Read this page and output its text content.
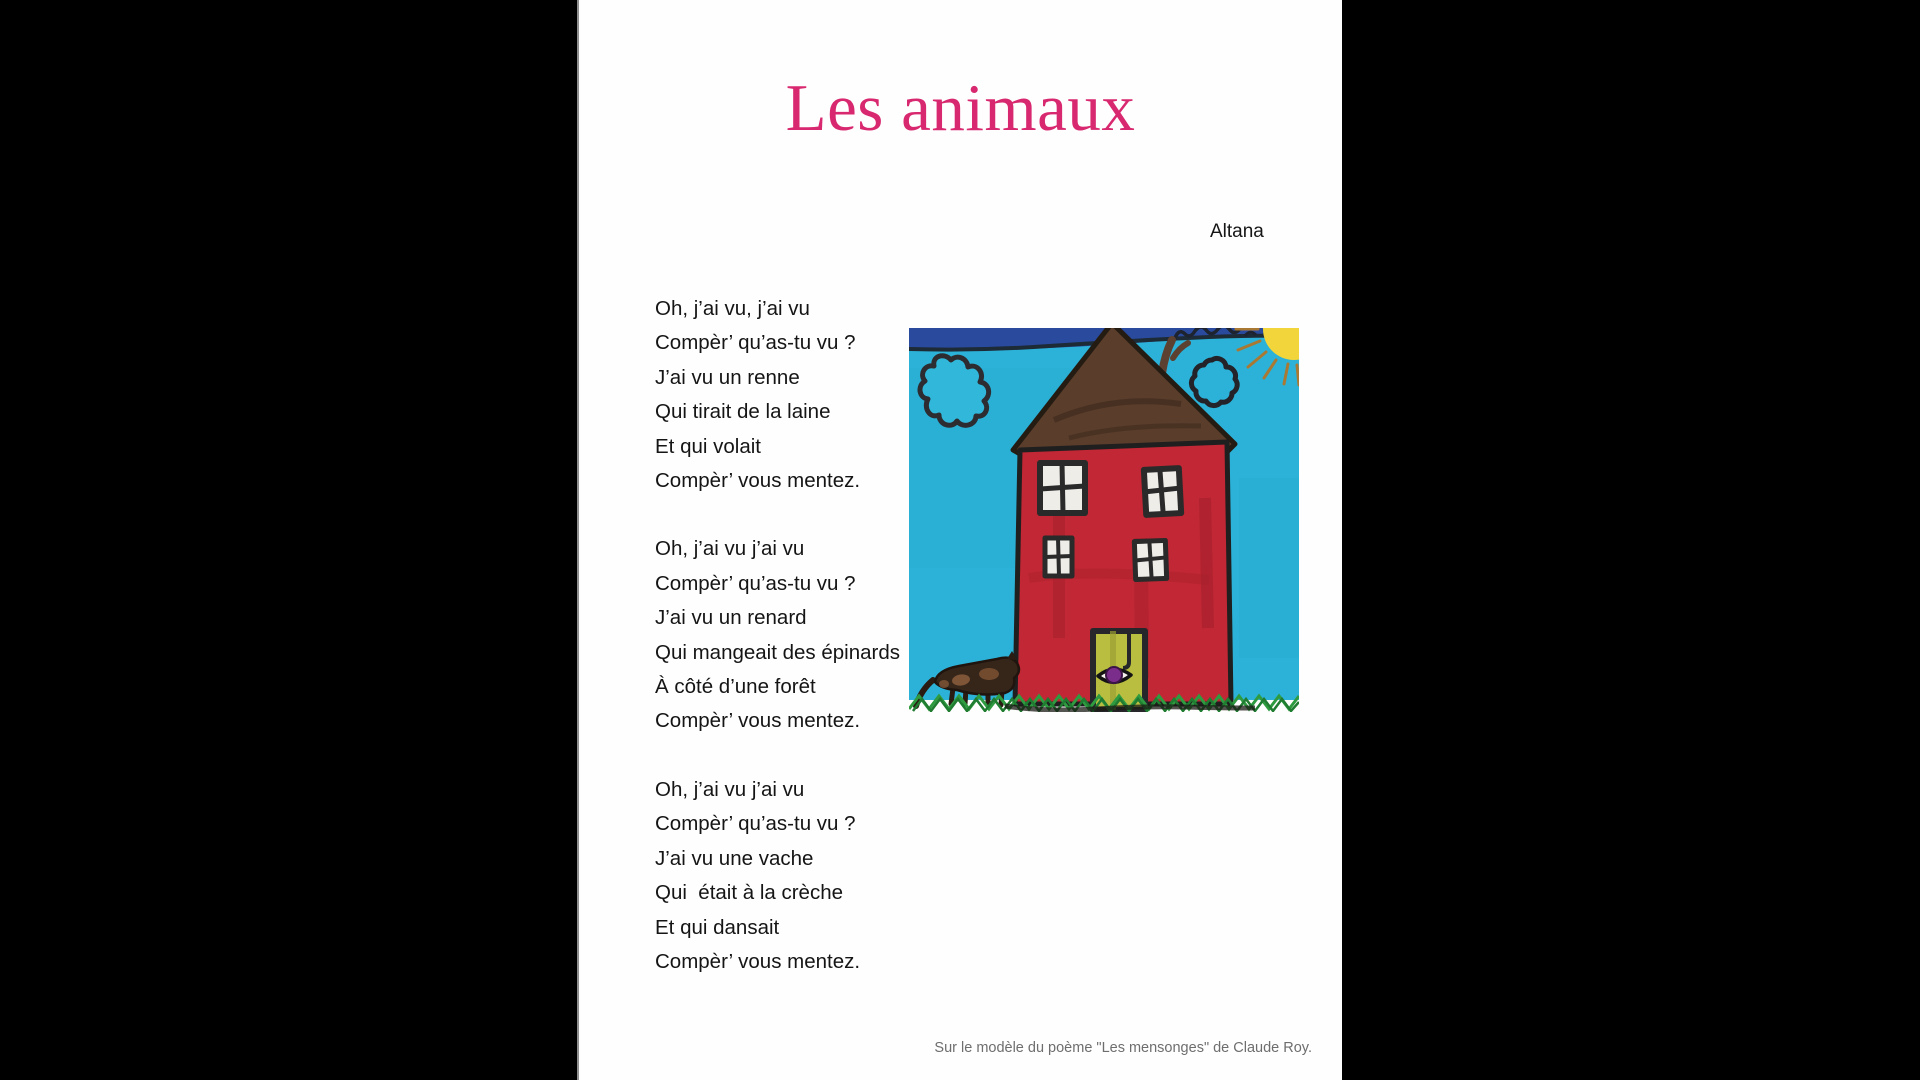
Les animaux
Altana
Oh, j’ai vu, j’ai vu
Compèr’ qu’as-tu vu ?
J’ai vu un renne
Qui tirait de la laine
Et qui volait
Compèr’ vous mentez.
Oh, j’ai vu j’ai vu
Compèr’ qu’as-tu vu ?
J’ai vu un renard
Qui mangeait des épinards
À côté d’une forêt
Compèr’ vous mentez.
Oh, j’ai vu j’ai vu
Compèr’ qu’as-tu vu ?
J’ai vu une vache
Qui  était à la crèche
Et qui dansait
Compèr’ vous mentez.
Sur le modèle du poème "Les mensonges" de Claude Roy.
